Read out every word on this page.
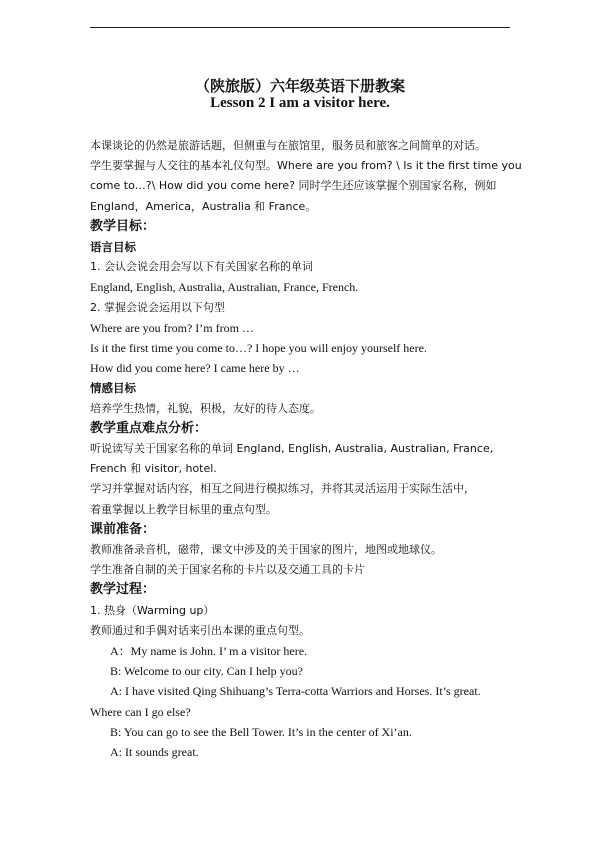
（陕旅版）六年级英语下册教案
Lesson 2 I am a visitor here.
本课谈论的仍然是旅游话题，但侧重与在旅馆里，服务员和旅客之间简单的对话。
学生要掌握与人交往的基本礼仪句型。Where are you from? \ Is it the first time you
come to…?\ How did you come here? 同时学生还应该掌握个别国家名称，例如
England，America，Australia 和 France。
教学目标：
语言目标
1. 会认会说会用会写以下有关国家名称的单词
England, English, Australia, Australian, France, French.
2. 掌握会说会运用以下句型
Where are you from? I’m from …
Is it the first time you come to…? I hope you will enjoy yourself here.
How did you come here? I came here by …
情感目标
培养学生热情，礼貌，积极，友好的待人态度。
教学重点难点分析：
听说读写关于国家名称的单词 England, English, Australia, Australian, France,
French 和 visitor, hotel.
学习并掌握对话内容，相互之间进行模拟练习，并将其灵活运用于实际生活中，
着重掌握以上教学目标里的重点句型。
课前准备：
教师准备录音机，磁带，课文中涉及的关于国家的图片，地图或地球仪。
学生准备自制的关于国家名称的卡片以及交通工具的卡片
教学过程：
1. 热身（Warming up）
教师通过和手偶对话来引出本课的重点句型。
A：My name is John. I’ m a visitor here.
B: Welcome to our city. Can I help you?
A: I have visited Qing Shihuang’s Terra-cotta Warriors and Horses. It’s great.
Where can I go else?
B: You can go to see the Bell Tower. It’s in the center of Xi’an.
A: It sounds great.
